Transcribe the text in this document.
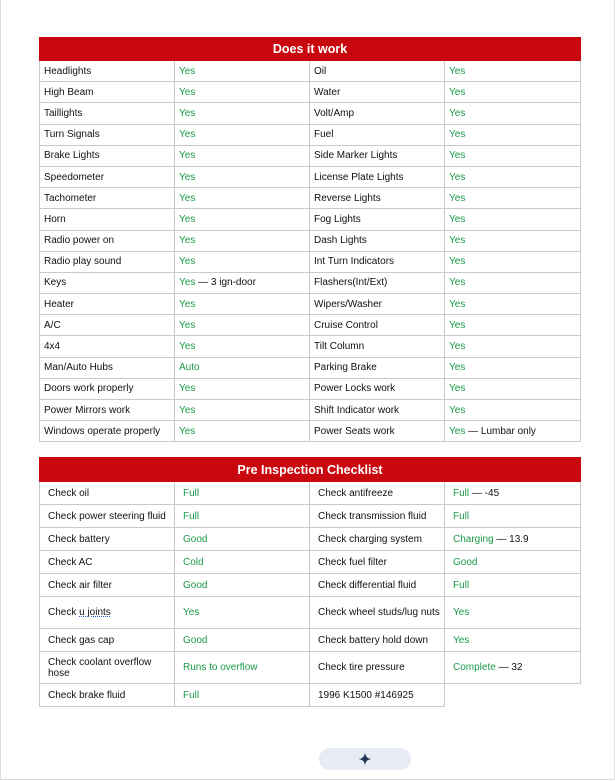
Does it work			
Headlights	Yes	Oil	Yes
High Beam	Yes	Water	Yes
Taillights	Yes	Volt/Amp	Yes
Turn Signals	Yes	Fuel	Yes
Brake Lights	Yes	Side Marker Lights	Yes
Speedometer	Yes	License Plate Lights	Yes
Tachometer	Yes	Reverse Lights	Yes
Horn	Yes	Fog Lights	Yes
Radio power on	Yes	Dash Lights	Yes
Radio play sound	Yes	Int Turn Indicators	Yes
Keys	Yes — 3 ign-door	Flashers(Int/Ext)	Yes
Heater	Yes	Wipers/Washer	Yes
A/C	Yes	Cruise Control	Yes
4x4	Yes	Tilt Column	Yes
Man/Auto Hubs	Auto	Parking Brake	Yes
Doors work properly	Yes	Power Locks work	Yes
Power Mirrors work	Yes	Shift Indicator work	Yes
Windows operate properly	Yes	Power Seats work	Yes — Lumbar only
Pre Inspection Checklist			
Check oil	Full	Check antifreeze	Full — -45
Check power steering fluid	Full	Check transmission fluid	Full
Check battery	Good	Check charging system	Charging — 13.9
Check AC	Cold	Check fuel filter	Good
Check air filter	Good	Check differential fluid	Full
Check u joints	Yes	Check wheel studs/lug nuts	Yes
Check gas cap	Good	Check battery hold down	Yes
Check coolant overflow hose	Runs to overflow	Check tire pressure	Complete — 32
Check brake fluid	Full	1996 K1500 #146925	
